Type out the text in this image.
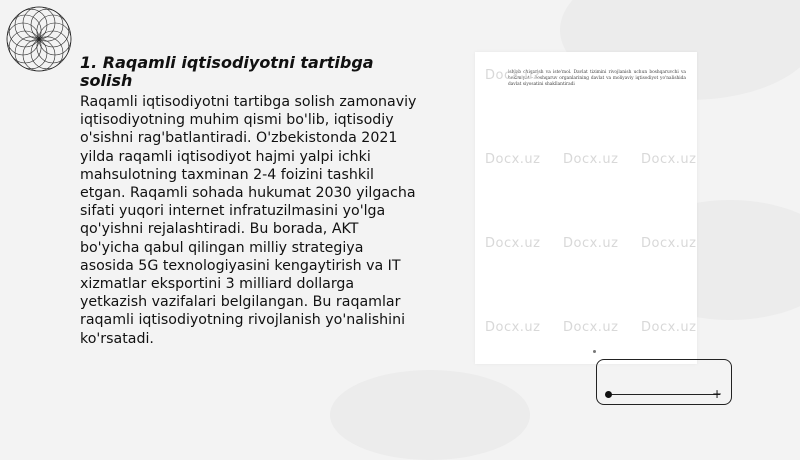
1. Raqamli iqtisodiyotni tartibga solish

Raqamli iqtisodiyotni tartibga solish zamonaviy iqtisodiyotning muhim qismi bo'lib, iqtisodiy o'sishni rag'batlantiradi. O'zbekistonda 2021 yilda raqamli iqtisodiyot hajmi yalpi ichki mahsulotning taxminan 2-4 foizini tashkil etgan. Raqamli sohada hukumat 2030 yilgacha sifati yuqori internet infratuzilmasini yo'lga qo'yishni rejalashtiradi. Bu borada, AKT bo'yicha qabul qilingan milliy strategiya asosida 5G texnologiyasini kengaytirish va IT xizmatlar eksportini 3 milliard dollarga yetkazish vazifalari belgilangan. Bu raqamlar raqamli iqtisodiyotning rivojlanish yo'nalishini ko'rsatadi.

ishlab chiqarish va iste'mol. Davlat tizimini rivojlanish uchun boshqaruvchi va hokimiyat - boshqaruv organlarining davlat va moliyaviy iqtisodiyot yo'nalishida davlat siyosatini shakllantiradi

Docx.uz
Docx.uz Docx.uz Docx.uz
Docx.uz Docx.uz Docx.uz
Docx.uz Docx.uz Docx.uz
+
